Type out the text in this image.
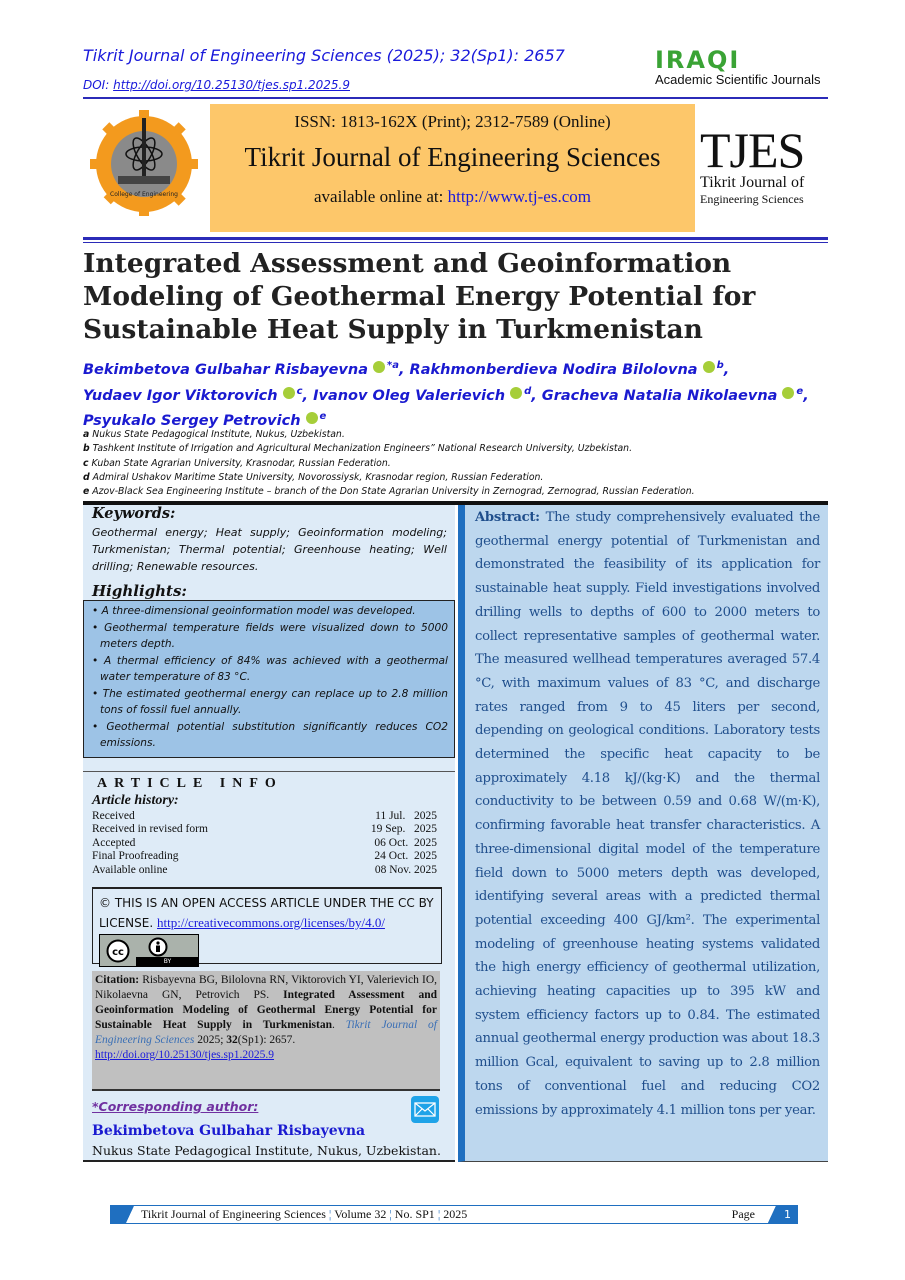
Tikrit Journal of Engineering Sciences (2025); 32(Sp1): 2657
DOI: http://doi.org/10.25130/tjes.sp1.2025.9
IRAQI
Academic Scientific Journals
College of Engineering
ISSN: 1813-162X (Print); 2312-7589 (Online)
Tikrit Journal of Engineering Sciences
available online at: http://www.tj-es.com
TJES
Tikrit Journal of
Engineering Sciences
Integrated Assessment and Geoinformation Modeling of Geothermal Energy Potential for Sustainable Heat Supply in Turkmenistan
Bekimbetova Gulbahar Risbayevna $^{*a}$, Rakhmonberdieva Nodira Bilolovna $^b$,
Yudaev Igor Viktorovich $^c$, Ivanov Oleg Valerievich $^d$, Gracheva Natalia Nikolaevna $^e$,
Psyukalo Sergey Petrovich $^e$
a Nukus State Pedagogical Institute, Nukus, Uzbekistan.
b Tashkent Institute of Irrigation and Agricultural Mechanization Engineers” National Research University, Uzbekistan.
c Kuban State Agrarian University, Krasnodar, Russian Federation.
d Admiral Ushakov Maritime State University, Novorossiysk, Krasnodar region, Russian Federation.
e Azov-Black Sea Engineering Institute – branch of the Don State Agrarian University in Zernograd, Zernograd, Russian Federation.
Keywords:
Geothermal energy; Heat supply; Geoinformation modeling; Turkmenistan; Thermal potential; Greenhouse heating; Well drilling; Renewable resources.
Highlights:
• A three-dimensional geoinformation model was developed.
• Geothermal temperature fields were visualized down to 5000 meters depth.
• A thermal efficiency of 84% was achieved with a geothermal water temperature of 83 °C.
• The estimated geothermal energy can replace up to 2.8 million tons of fossil fuel annually.
• Geothermal potential substitution significantly reduces CO2 emissions.
ARTICLE INFO
Article history:
Received	11 Jul.   2025
Received in revised form	19 Sep.   2025
Accepted	06 Oct.  2025
Final Proofreading	24 Oct.  2025
Available online	08 Nov. 2025
© THIS IS AN OPEN ACCESS ARTICLE UNDER THE CC BY LICENSE. http://creativecommons.org/licenses/by/4.0/
cc
BY
Citation: Risbayevna BG, Bilolovna RN, Viktorovich YI, Valerievich IO, Nikolaevna GN, Petrovich PS. Integrated Assessment and Geoinformation Modeling of Geothermal Energy Potential for Sustainable Heat Supply in Turkmenistan. Tikrit Journal of Engineering Sciences 2025; 32(Sp1): 2657.
http://doi.org/10.25130/tjes.sp1.2025.9
*Corresponding author:
Bekimbetova Gulbahar Risbayevna
Nukus State Pedagogical Institute, Nukus, Uzbekistan.
Abstract: The study comprehensively evaluated the geothermal energy potential of Turkmenistan and demonstrated the feasibility of its application for sustainable heat supply. Field investigations involved drilling wells to depths of 600 to 2000 meters to collect representative samples of geothermal water. The measured wellhead temperatures averaged 57.4 °C, with maximum values of 83 °C, and discharge rates ranged from 9 to 45 liters per second, depending on geological conditions. Laboratory tests determined the specific heat capacity to be approximately 4.18 kJ/(kg·K) and the thermal conductivity to be between 0.59 and 0.68 W/(m·K), confirming favorable heat transfer characteristics. A three-dimensional digital model of the temperature field down to 5000 meters depth was developed, identifying several areas with a predicted thermal potential exceeding 400 GJ/km². The experimental modeling of greenhouse heating systems validated the high energy efficiency of geothermal utilization, achieving heating capacities up to 395 kW and system efficiency factors up to 0.84. The estimated annual geothermal energy production was about 18.3 million Gcal, equivalent to saving up to 2.8 million tons of conventional fuel and reducing CO2 emissions by approximately 4.1 million tons per year.
Tikrit Journal of Engineering Sciences ¦ Volume 32 ¦ No. SP1 ¦ 2025	Page	1
